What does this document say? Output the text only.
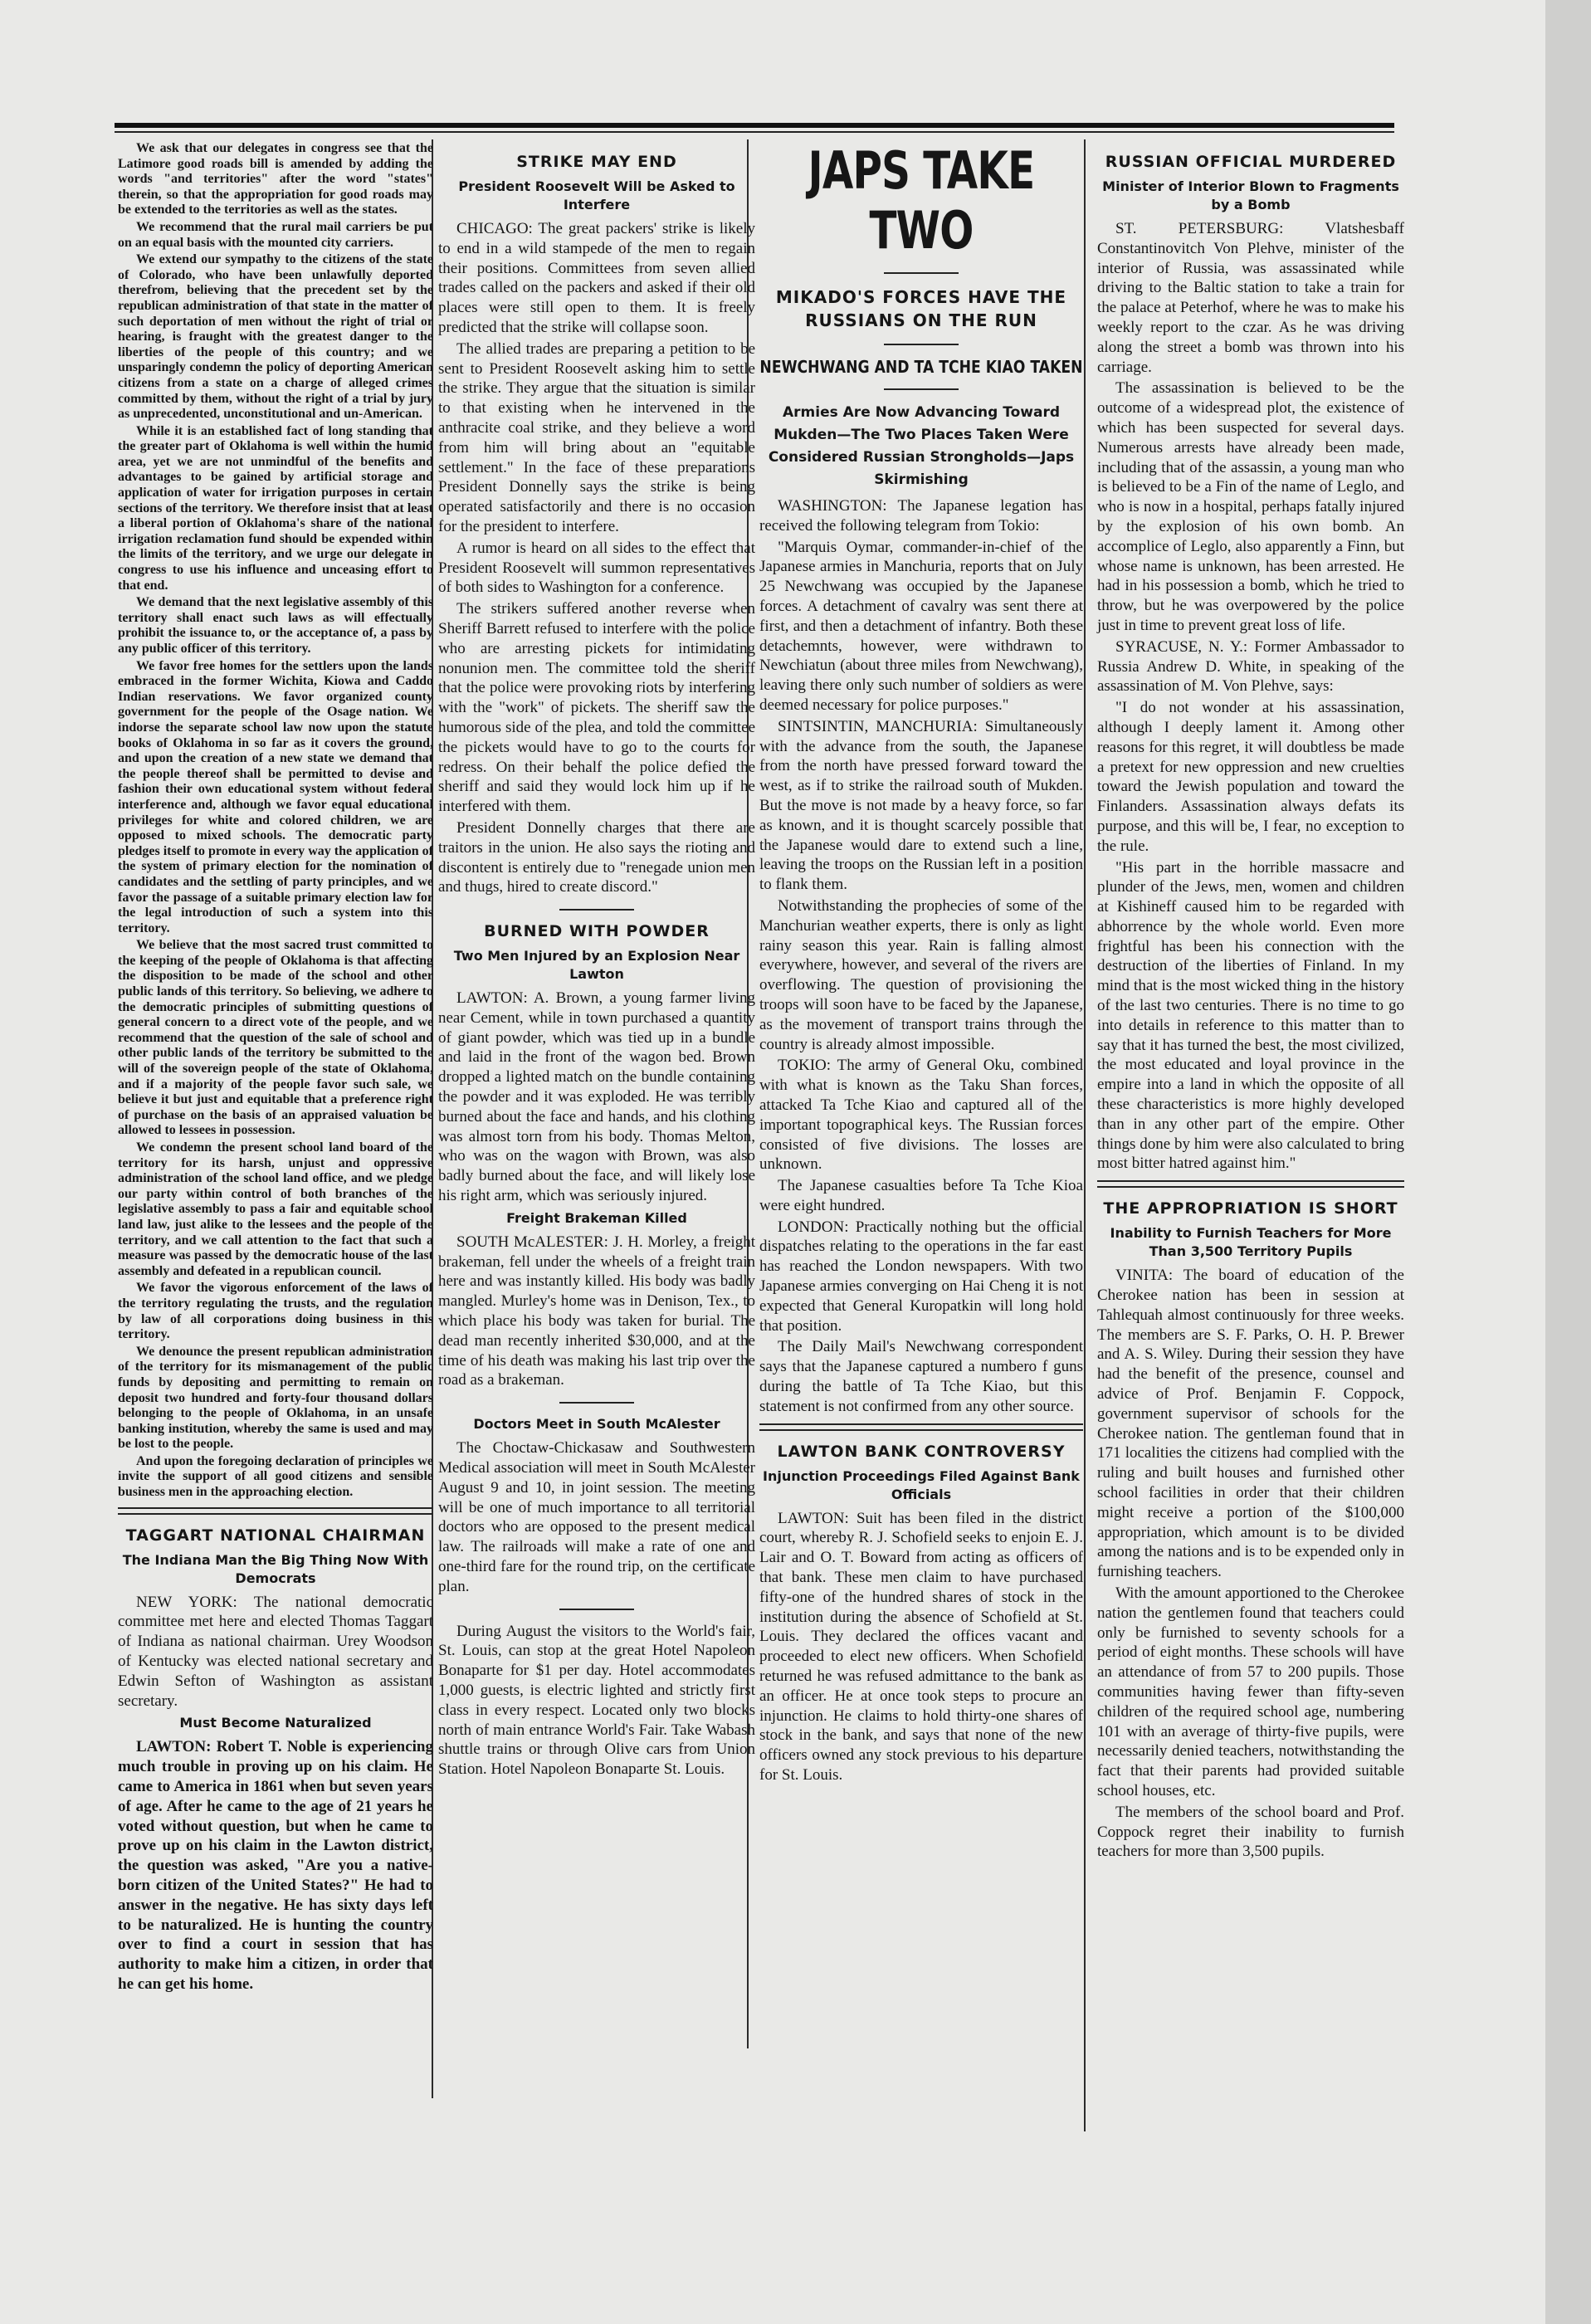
We ask that our delegates in congress see that the Latimore good roads bill is amended by adding the words "and territories" after the word "states" therein, so that the appropriation for good roads may be extended to the territories as well as the states.

We recommend that the rural mail carriers be put on an equal basis with the mounted city carriers.

We extend our sympathy to the citizens of the state of Colorado, who have been unlawfully deported therefrom, believing that the precedent set by the republican administration of that state in the matter of such deportation of men without the right of trial or hearing, is fraught with the greatest danger to the liberties of the people of this country; and we unsparingly condemn the policy of deporting American citizens from a state on a charge of alleged crimes committed by them, without the right of a trial by jury as unprecedented, unconstitutional and un-American.

While it is an established fact of long standing that the greater part of Oklahoma is well within the humid area, yet we are not unmindful of the benefits and advantages to be gained by artificial storage and application of water for irrigation purposes in certain sections of the territory. We therefore insist that at least a liberal portion of Oklahoma's share of the national irrigation reclamation fund should be expended within the limits of the territory, and we urge our delegate in congress to use his influence and unceasing effort to that end.

We demand that the next legislative assembly of this territory shall enact such laws as will effectually prohibit the issuance to, or the acceptance of, a pass by any public officer of this territory.

We favor free homes for the settlers upon the lands embraced in the former Wichita, Kiowa and Caddo Indian reservations. We favor organized county government for the people of the Osage nation. We indorse the separate school law now upon the statute books of Oklahoma in so far as it covers the ground, and upon the creation of a new state we demand that the people thereof shall be permitted to devise and fashion their own educational system without federal interference and, although we favor equal educational privileges for white and colored children, we are opposed to mixed schools. The democratic party pledges itself to promote in every way the application of the system of primary election for the nomination of candidates and the settling of party principles, and we favor the passage of a suitable primary election law for the legal introduction of such a system into this territory.

We believe that the most sacred trust committed to the keeping of the people of Oklahoma is that affecting the disposition to be made of the school and other public lands of this territory. So believing, we adhere to the democratic principles of submitting questions of general concern to a direct vote of the people, and we recommend that the question of the sale of school and other public lands of the territory be submitted to the will of the sovereign people of the state of Oklahoma, and if a majority of the people favor such sale, we believe it but just and equitable that a preference right of purchase on the basis of an appraised valuation be allowed to lessees in possession.

We condemn the present school land board of the territory for its harsh, unjust and oppressive administration of the school land office, and we pledge our party within control of both branches of the legislative assembly to pass a fair and equitable school land law, just alike to the lessees and the people of the territory, and we call attention to the fact that such a measure was passed by the democratic house of the last assembly and defeated in a republican council.

We favor the vigorous enforcement of the laws of the territory regulating the trusts, and the regulation by law of all corporations doing business in this territory.

We denounce the present republican administration of the territory for its mismanagement of the public funds by depositing and permitting to remain on deposit two hundred and forty-four thousand dollars belonging to the people of Oklahoma, in an unsafe banking institution, whereby the same is used and may be lost to the people.

And upon the foregoing declaration of principles we invite the support of all good citizens and sensible business men in the approaching election.

TAGGART NATIONAL CHAIRMAN
The Indiana Man the Big Thing Now With Democrats

NEW YORK: The national democratic committee met here and elected Thomas Taggart of Indiana as national chairman. Urey Woodson of Kentucky was elected national secretary and Edwin Sefton of Washington as assistant secretary.

Must Become Naturalized

LAWTON: Robert T. Noble is experiencing much trouble in proving up on his claim. He came to America in 1861 when but seven years of age. After he came to the age of 21 years he voted without question, but when he came to prove up on his claim in the Lawton district, the question was asked, "Are you a native-born citizen of the United States?" He had to answer in the negative. He has sixty days left to be naturalized. He is hunting the country over to find a court in session that has authority to make him a citizen, in order that he can get his home.

STRIKE MAY END
President Roosevelt Will be Asked to Interfere

CHICAGO: The great packers' strike is likely to end in a wild stampede of the men to regain their positions. Committees from seven allied trades called on the packers and asked if their old places were still open to them. It is freely predicted that the strike will collapse soon.

The allied trades are preparing a petition to be sent to President Roosevelt asking him to settle the strike. They argue that the situation is similar to that existing when he intervened in the anthracite coal strike, and they believe a word from him will bring about an "equitable settlement." In the face of these preparations President Donnelly says the strike is being operated satisfactorily and there is no occasion for the president to interfere.

A rumor is heard on all sides to the effect that President Roosevelt will summon representatives of both sides to Washington for a conference.

The strikers suffered another reverse when Sheriff Barrett refused to interfere with the police who are arresting pickets for intimidating nonunion men. The committee told the sheriff that the police were provoking riots by interfering with the "work" of pickets. The sheriff saw the humorous side of the plea, and told the committee the pickets would have to go to the courts for redress. On their behalf the police defied the sheriff and said they would lock him up if he interfered with them.

President Donnelly charges that there are traitors in the union. He also says the rioting and discontent is entirely due to "renegade union men and thugs, hired to create discord."

BURNED WITH POWDER
Two Men Injured by an Explosion Near Lawton

LAWTON: A. Brown, a young farmer living near Cement, while in town purchased a quantity of giant powder, which was tied up in a bundle and laid in the front of the wagon bed. Brown dropped a lighted match on the bundle containing the powder and it was exploded. He was terribly burned about the face and hands, and his clothing was almost torn from his body. Thomas Melton, who was on the wagon with Brown, was also badly burned about the face, and will likely lose his right arm, which was seriously injured.

Freight Brakeman Killed

SOUTH McALESTER: J. H. Morley, a freight brakeman, fell under the wheels of a freight train here and was instantly killed. His body was badly mangled. Murley's home was in Denison, Tex., to which place his body was taken for burial. The dead man recently inherited $30,000, and at the time of his death was making his last trip over the road as a brakeman.

Doctors Meet in South McAlester

The Choctaw-Chickasaw and Southwestern Medical association will meet in South McAlester August 9 and 10, in joint session. The meeting will be one of much importance to all territorial doctors who are opposed to the present medical law. The railroads will make a rate of one and one-third fare for the round trip, on the certificate plan.

During August the visitors to the World's fair, St. Louis, can stop at the great Hotel Napoleon Bonaparte for $1 per day. Hotel accommodates 1,000 guests, is electric lighted and strictly first class in every respect. Located only two blocks north of main entrance World's Fair. Take Wabash shuttle trains or through Olive cars from Union Station. Hotel Napoleon Bonaparte St. Louis.

JAPS TAKE TWO
MIKADO'S FORCES HAVE THE RUSSIANS ON THE RUN
NEWCHWANG AND TA TCHE KIAO TAKEN
Armies Are Now Advancing Toward Mukden—The Two Places Taken Were Considered Russian Strongholds—Japs Skirmishing

WASHINGTON: The Japanese legation has received the following telegram from Tokio:

"Marquis Oymar, commander-in-chief of the Japanese armies in Manchuria, reports that on July 25 Newchwang was occupied by the Japanese forces. A detachment of cavalry was sent there at first, and then a detachment of infantry. Both these detachemnts, however, were withdrawn to Newchiatun (about three miles from Newchwang), leaving there only such number of soldiers as were deemed necessary for police purposes."

SINTSINTIN, MANCHURIA: Simultaneously with the advance from the south, the Japanese from the north have pressed forward toward the west, as if to strike the railroad south of Mukden. But the move is not made by a heavy force, so far as known, and it is thought scarcely possible that the Japanese would dare to extend such a line, leaving the troops on the Russian left in a position to flank them.

Notwithstanding the prophecies of some of the Manchurian weather experts, there is only as light rainy season this year. Rain is falling almost everywhere, however, and several of the rivers are overflowing. The question of provisioning the troops will soon have to be faced by the Japanese, as the movement of transport trains through the country is already almost impossible.

TOKIO: The army of General Oku, combined with what is known as the Taku Shan forces, attacked Ta Tche Kiao and captured all of the important topographical keys. The Russian forces consisted of five divisions. The losses are unknown.

The Japanese casualties before Ta Tche Kioa were eight hundred.

LONDON: Practically nothing but the official dispatches relating to the operations in the far east has reached the London newspapers. With two Japanese armies converging on Hai Cheng it is not expected that General Kuropatkin will long hold that position.

The Daily Mail's Newchwang correspondent says that the Japanese captured a numbero f guns during the battle of Ta Tche Kiao, but this statement is not confirmed from any other source.

LAWTON BANK CONTROVERSY
Injunction Proceedings Filed Against Bank Officials

LAWTON: Suit has been filed in the district court, whereby R. J. Schofield seeks to enjoin E. J. Lair and O. T. Boward from acting as officers of that bank. These men claim to have purchased fifty-one of the hundred shares of stock in the institution during the absence of Schofield at St. Louis. They declared the offices vacant and proceeded to elect new officers. When Schofield returned he was refused admittance to the bank as an officer. He at once took steps to procure an injunction. He claims to hold thirty-one shares of stock in the bank, and says that none of the new officers owned any stock previous to his departure for St. Louis.

RUSSIAN OFFICIAL MURDERED
Minister of Interior Blown to Fragments by a Bomb

ST. PETERSBURG: Vlatshesbaff Constantinovitch Von Plehve, minister of the interior of Russia, was assassinated while driving to the Baltic station to take a train for the palace at Peterhof, where he was to make his weekly report to the czar. As he was driving along the street a bomb was thrown into his carriage.

The assassination is believed to be the outcome of a widespread plot, the existence of which has been suspected for several days. Numerous arrests have already been made, including that of the assassin, a young man who is believed to be a Fin of the name of Leglo, and who is now in a hospital, perhaps fatally injured by the explosion of his own bomb. An accomplice of Leglo, also apparently a Finn, but whose name is unknown, has been arrested. He had in his possession a bomb, which he tried to throw, but he was overpowered by the police just in time to prevent great loss of life.

SYRACUSE, N. Y.: Former Ambassador to Russia Andrew D. White, in speaking of the assassination of M. Von Plehve, says:

"I do not wonder at his assassination, although I deeply lament it. Among other reasons for this regret, it will doubtless be made a pretext for new oppression and new cruelties toward the Jewish population and toward the Finlanders. Assassination always defats its purpose, and this will be, I fear, no exception to the rule.

"His part in the horrible massacre and plunder of the Jews, men, women and children at Kishineff caused him to be regarded with abhorrence by the whole world. Even more frightful has been his connection with the destruction of the liberties of Finland. In my mind that is the most wicked thing in the history of the last two centuries. There is no time to go into details in reference to this matter than to say that it has turned the best, the most civilized, the most educated and loyal province in the empire into a land in which the opposite of all these characteristics is more highly developed than in any other part of the empire. Other things done by him were also calculated to bring most bitter hatred against him."

THE APPROPRIATION IS SHORT
Inability to Furnish Teachers for More Than 3,500 Territory Pupils

VINITA: The board of education of the Cherokee nation has been in session at Tahlequah almost continuously for three weeks. The members are S. F. Parks, O. H. P. Brewer and A. S. Wiley. During their session they have had the benefit of the presence, counsel and advice of Prof. Benjamin F. Coppock, government supervisor of schools for the Cherokee nation. The gentleman found that in 171 localities the citizens had complied with the ruling and built houses and furnished other school facilities in order that their children might receive a portion of the $100,000 appropriation, which amount is to be divided among the nations and is to be expended only in furnishing teachers.

With the amount apportioned to the Cherokee nation the gentlemen found that teachers could only be furnished to seventy schools for a period of eight months. These schools will have an attendance of from 57 to 200 pupils. Those communities having fewer than fifty-seven children of the required school age, numbering 101 with an average of thirty-five pupils, were necessarily denied teachers, notwithstanding the fact that their parents had provided suitable school houses, etc.

The members of the school board and Prof. Coppock regret their inability to furnish teachers for more than 3,500 pupils.
